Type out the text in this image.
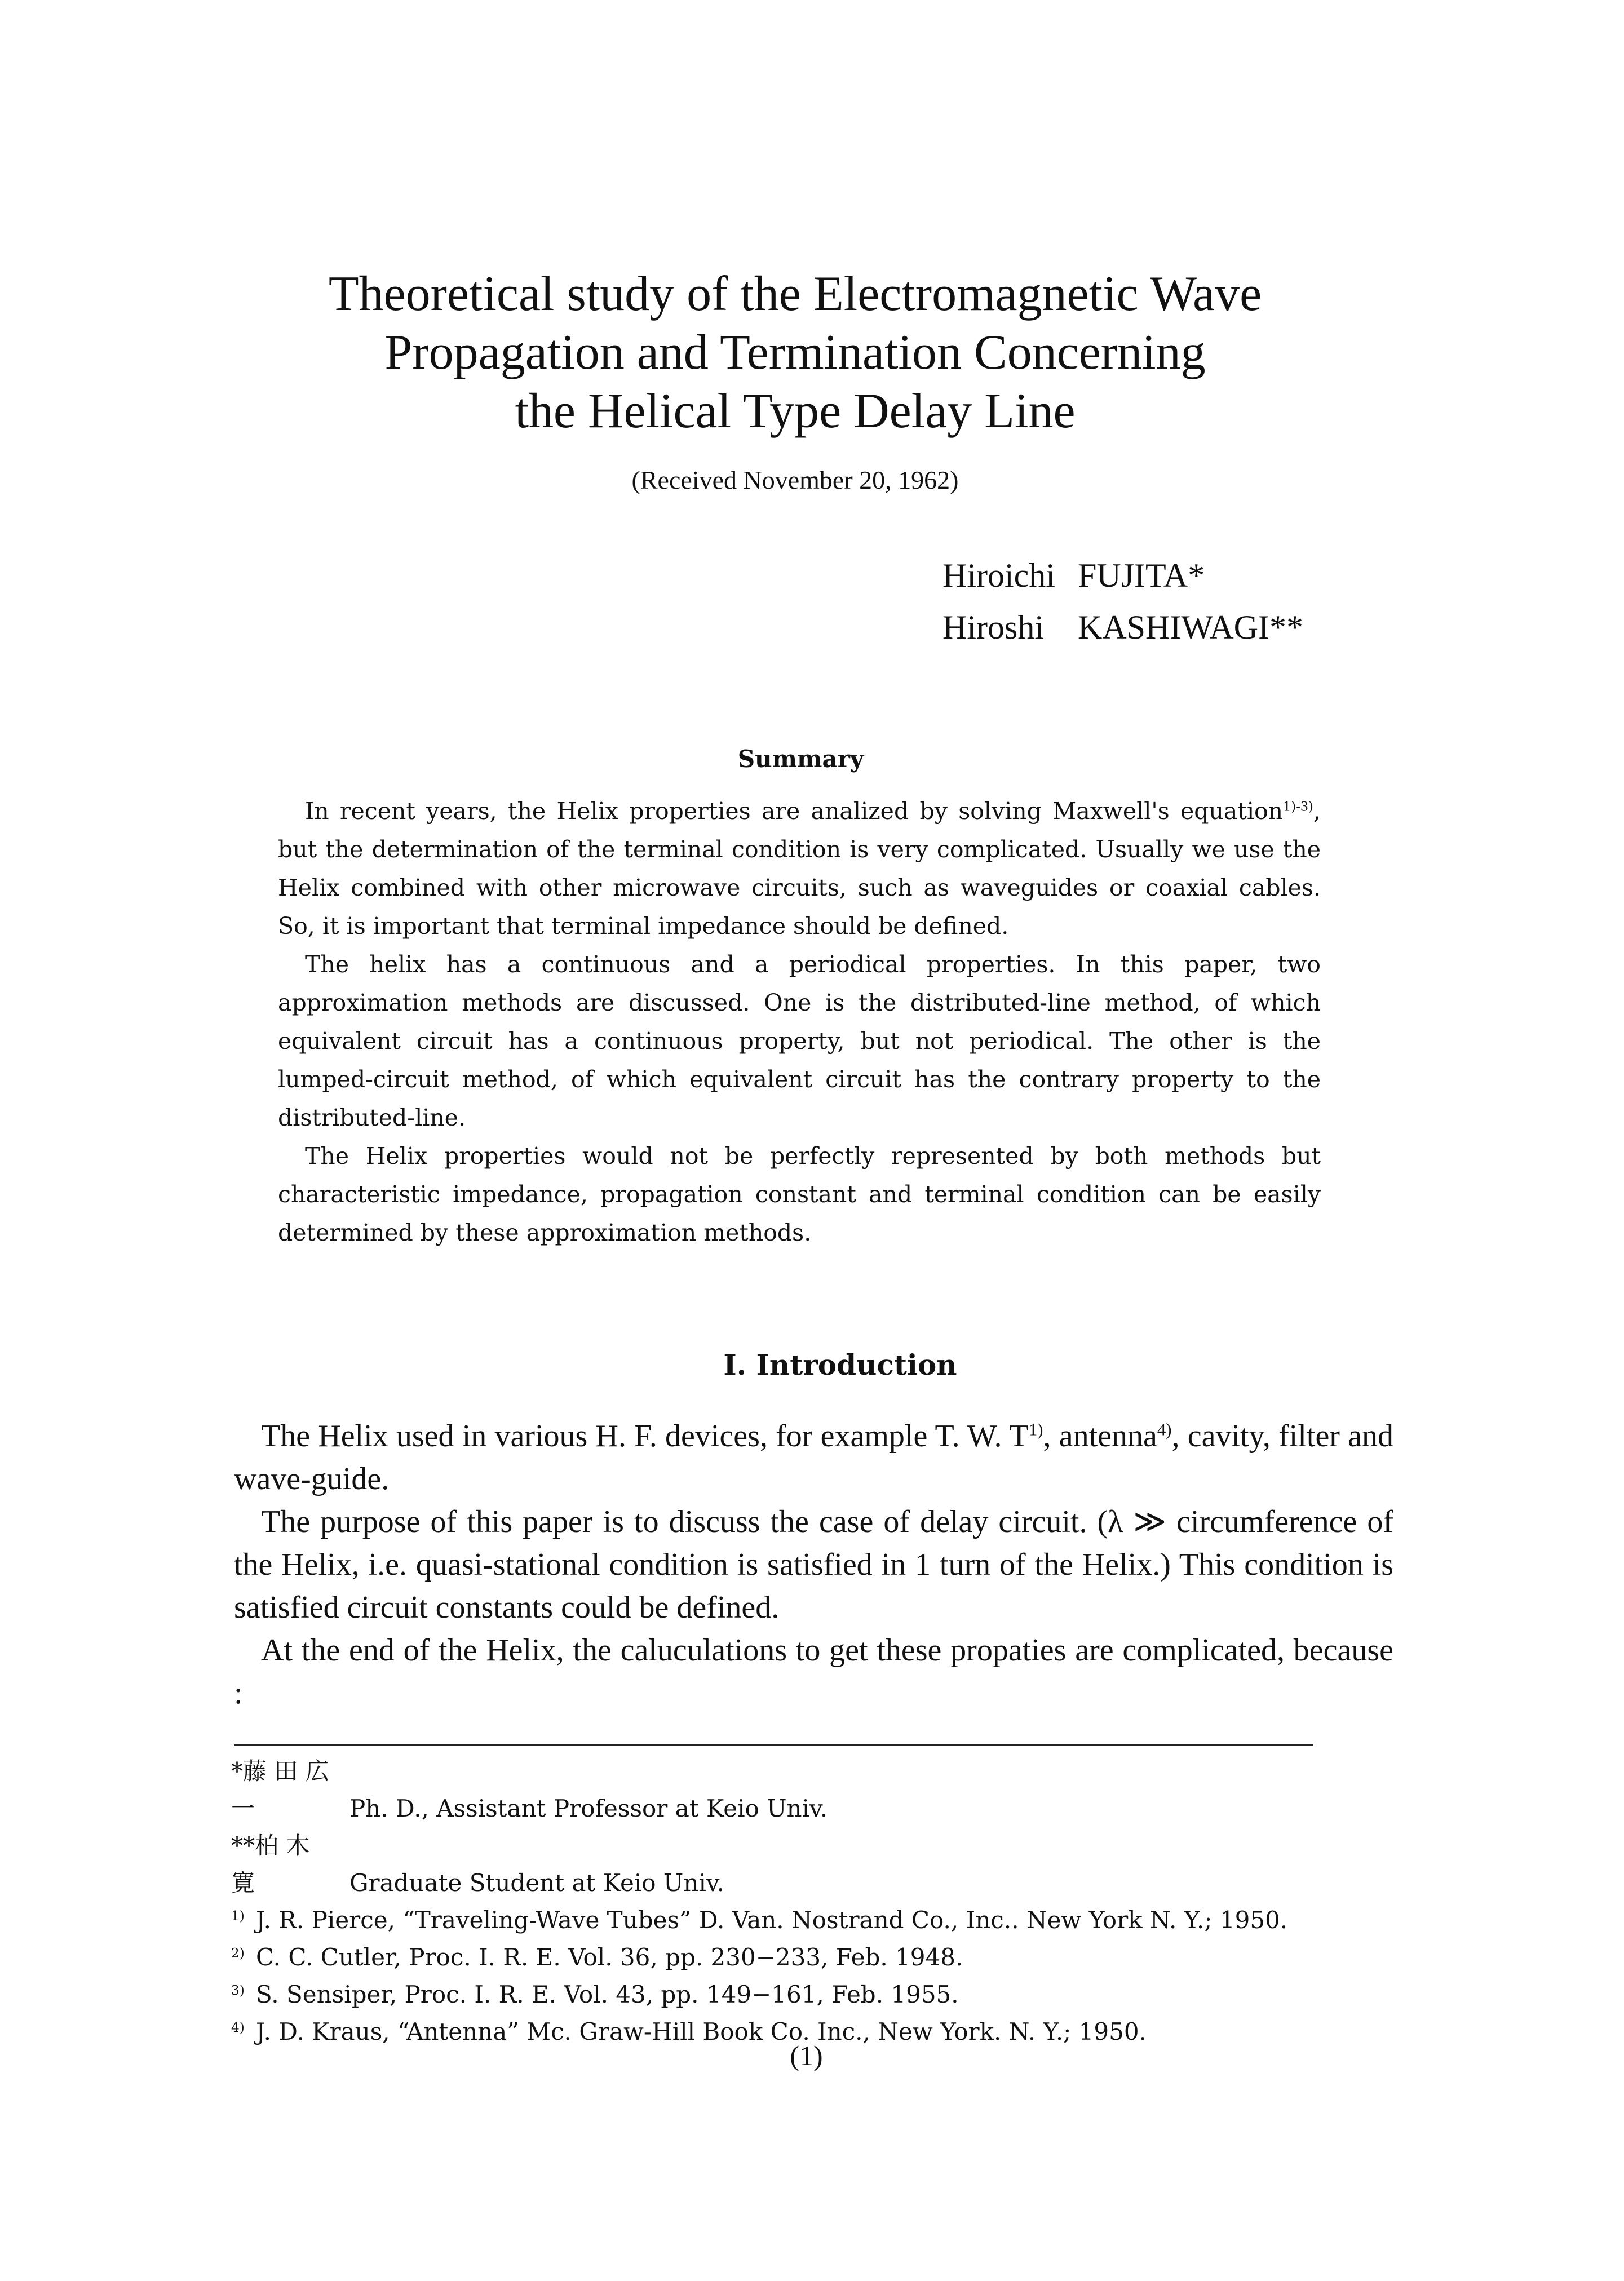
Theoretical study of the Electromagnetic Wave
Propagation and Termination Concerning
the Helical Type Delay Line
(Received November 20, 1962)
Hiroichi FUJITA*
Hiroshi KASHIWAGI**
Summary

In recent years, the Helix properties are analized by solving Maxwell's equation$^{1)-3)}$, but the determination of the terminal condition is very complicated. Usually we use the Helix combined with other microwave circuits, such as waveguides or coaxial cables. So, it is important that terminal impedance should be defined.

The helix has a continuous and a periodical properties. In this paper, two approximation methods are discussed. One is the distributed-line method, of which equivalent circuit has a continuous property, but not periodical. The other is the lumped-circuit method, of which equivalent circuit has the contrary property to the distributed-line.

The Helix properties would not be perfectly represented by both methods but characteristic impedance, propagation constant and terminal condition can be easily determined by these approximation methods.

I. Introduction

The Helix used in various H. F. devices, for example T. W. $T^{1)}$, antenna$^{4)}$, cavity, filter and wave-guide.

The purpose of this paper is to discuss the case of delay circuit. (λ ≫ circumference of the Helix, i.e. quasi-stational condition is satisfied in 1 turn of the Helix.) This condition is satisfied circuit constants could be defined.

At the end of the Helix, the caluculations to get these propaties are complicated, because :

*藤 田 広 一	Ph. D., Assistant Professor at Keio Univ.
**柏 木　 寛	Graduate Student at Keio Univ.
1) J. R. Pierce, “Traveling-Wave Tubes” D. Van. Nostrand Co., Inc.. New York N. Y.; 1950.
2) C. C. Cutler, Proc. I. R. E. Vol. 36, pp. 230−233, Feb. 1948.
3) S. Sensiper, Proc. I. R. E. Vol. 43, pp. 149−161, Feb. 1955.
4) J. D. Kraus, “Antenna” Mc. Graw-Hill Book Co. Inc., New York. N. Y.; 1950.
(1)
